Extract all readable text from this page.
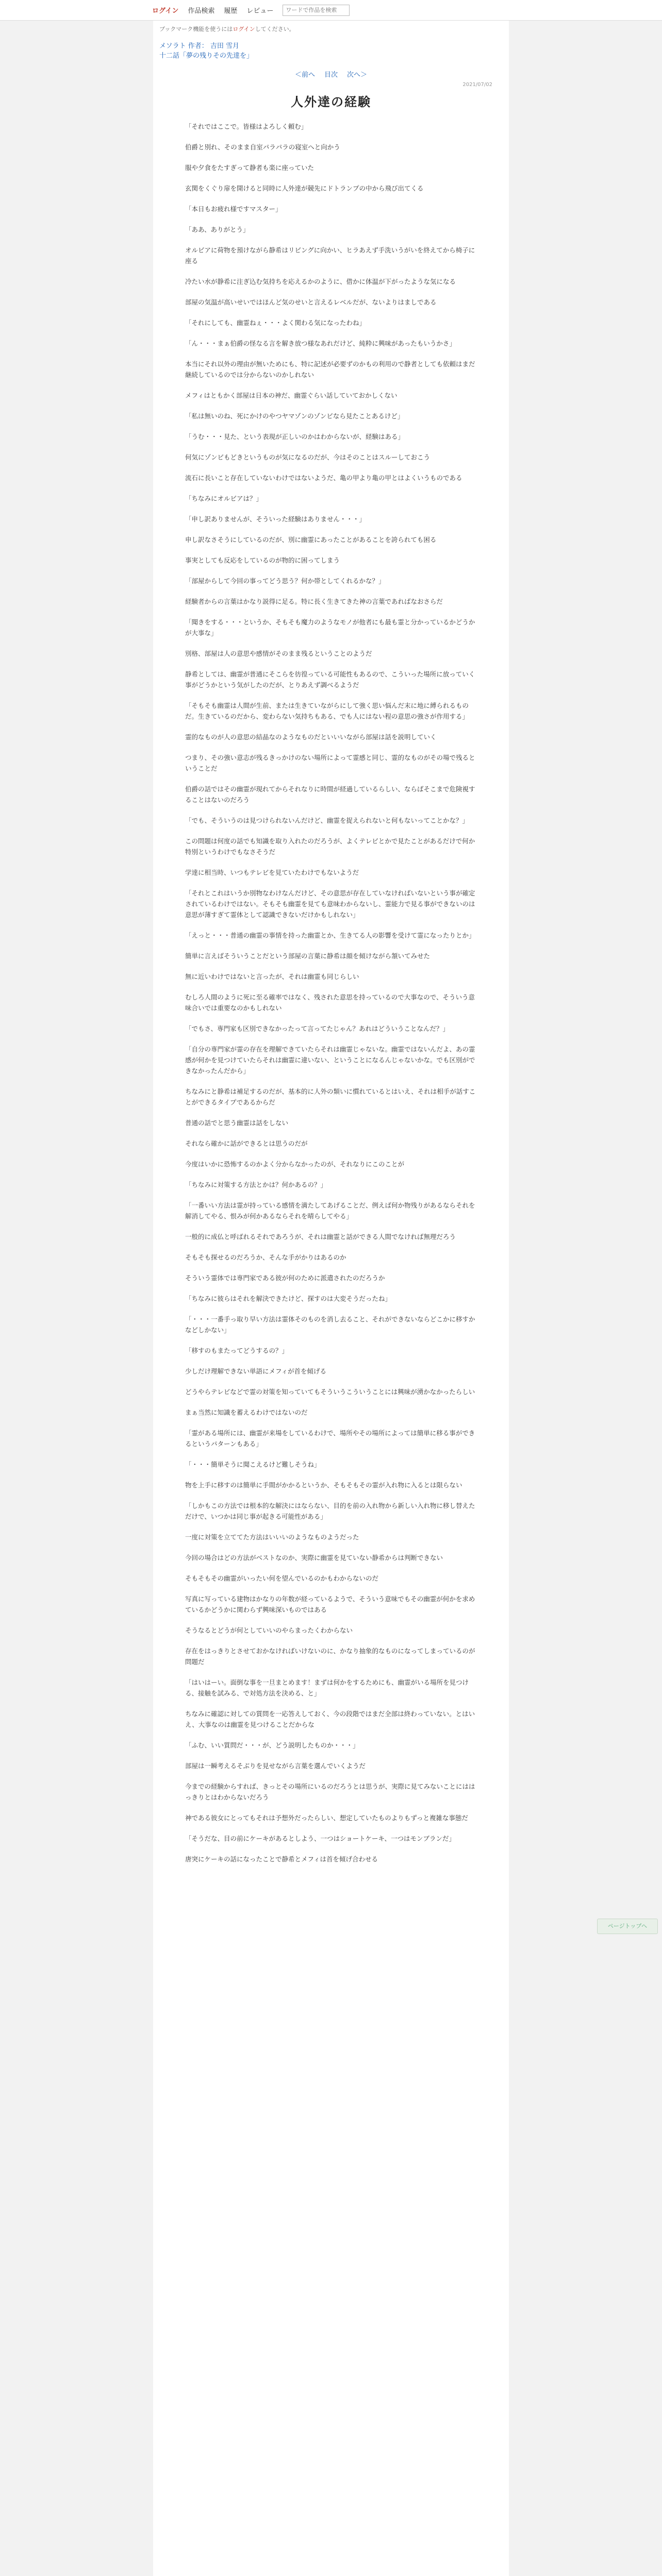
ログイン 作品検索 履歴 レビュー
ワードで作品を検索
ブックマーク機能を使うにはログインしてください。
メソラト 作者： 吉田 雪月
十二話「夢の残りその先達を」
＜前へ 目次 次へ＞
2021/07/02
人外達の経験

「それではここで。皆様はよろしく頼む」

伯爵と別れ、そのまま自室パラパラの寝室へと向かう

服や夕食をたすぎって静者も楽に座っていた

玄関をくぐり扉を開けると同時に人外達が競先にドトランプの中から飛び出てくる

「本日もお疲れ様ですマスター」

「ああ、ありがとう」

オルビアに荷物を預けながら静希はリビングに向かい、ヒラあえず手洗いうがいを終えてから椅子に座る

冷たい水が静希に注ぎ込む気持ちを応えるかのように、借かに体温が下がったような気になる

部屋の気温が高いせいではほんど気のせいと言えるレベルだが、ないよりはましである

「それにしても、幽霊ねぇ・・・よく関わる気になったわね」

「ん・・・まぁ伯爵の怪なる言を解き放つ様なあれだけど、純粋に興味があったもいうかさ」

本当にそれ以外の理由が無いためにも、特に記述が必要ずのかもの利用ので静者としても依頼はまだ継続しているのでは分からないのかしれない

メフィはともかく部屋は日本の神だ、幽霊ぐらい話していておかしくない

「私は無いのね、死にかけのやつヤマゾンのゾンビなら見たことあるけど」

「うむ・・・見た、という表現が正しいのかはわからないが、経験はある」

何気にゾンビもどきというものが気になるのだが、今はそのことはスルーしておこう

流石に長いこと存在していないわけではないようだ、亀の甲より亀の甲とはよくいうものである

「ちなみにオルビアは？」

「申し訳ありませんが、そういった経験はありません・・・」

申し訳なさそうにしているのだが、別に幽霊にあったことがあることを誇られても困る

事実としても反応をしているのが物的に困ってしまう

「部屋からして今回の事ってどう思う？何か帯としてくれるかな？」

経験者からの言葉はかなり説得に足る。特に長く生きてきた神の言葉であればなおさらだ

「聞きをする・・・というか、そもそも魔力のようなモノが他者にも最も霊と分かっているかどうかが大事な」

別格、部屋は人の意思や感情がそのまま残るということのようだ

静希としては、幽霊が普通にそこらを彷徨っている可能性もあるので、こういった場所に放っていく事がどうかという気がしたのだが、とりあえず調べるようだ

「そもそも幽霊は人間が生前、または生きていながらにして強く思い悩んだ末に地に縛られるものだ。生きているのだから、変わらない気持ちもある、でも人にはない程の意思の強さが作用する」

霊的なものが人の意思の結晶なのようなものだといいいながら部屋は話を説明していく

つまり、その強い意志が残るきっかけのない場所によって霊感と同じ、霊的なものがその場で残るということだ

伯爵の話ではその幽霊が現れてからそれなりに時間が経過しているらしい、ならばそこまで危険視することはないのだろう

「でも、そういうのは見つけられないんだけど、幽霊を捉えられないと何もないってことかな？」

この問題は何度の話でも知識を取り入れたのだろうが、よくテレビとかで見たことがあるだけで何か特別というわけでもなさそうだ

学達に相当時、いつもテレビを見ていたわけでもないようだ

「それとこれはいうか別物なわけなんだけど、その意思が存在していなければいないという事が確定されているわけではない。そもそも幽霊を見ても意味わからないし、霊能力で見る事ができないのは意思が薄すぎて霊体として認識できないだけかもしれない」

「えっと・・・普通の幽霊の事情を持った幽霊とか、生きてる人の影響を受けて霊になったりとか」

簡単に言えばそういうことだという部屋の言葉に静希は顔を傾けながら頷いてみせた

無に近いわけではないと言ったが、それは幽霊も同じらしい

むしろ人間のように死に至る確率ではなく、残された意思を持っているので大事なので、そういう意味合いでは重要なのかもしれない

「でもさ、専門家も区別できなかったって言ってたじゃん？あれはどういうことなんだ？」

「自分の専門家が霊の存在を理解できていたらそれは幽霊じゃないな。幽霊ではないんだよ、あの霊感が何かを見つけていたらそれは幽霊に違いない、ということになるんじゃないかな。でも区別ができなかったんだから」

ちなみにと静希は補足するのだが、基本的に人外の類いに慣れているとはいえ、それは相手が話すことができるタイプであるからだ

普通の話でと思う幽霊は話をしない

それなら確かに話ができるとは思うのだが

今度はいかに恐怖するのかよく分からなかったのが、それなりにこのことが

「ちなみに対策する方法とかは？何かあるの？」

「一番いい方法は霊が持っている感情を満たしてあげることだ、例えば何か物残りがあるならそれを解消してやる、恨みが何かあるならそれを晴らしてやる」

一般的に成仏と呼ばれるそれであろうが、それは幽霊と話ができる人間でなければ無理だろう

そもそも探せるのだろうか、そんな手がかりはあるのか

そういう霊体では専門家である彼が何のために派遣されたのだろうか

「ちなみに彼らはそれを解決できたけど、探すのは大変そうだったね」

「・・・一番手っ取り早い方法は霊体そのものを消し去ること、それができないならどこかに移すかなどしかない」

「移すのもまたってどうするの？」

少しだけ理解できない単語にメフィが首を傾げる

どうやらテレビなどで霊の対策を知っていてもそういうこういうことには興味が湧かなかったらしい

まぁ当然に知識を蓄えるわけではないのだ

「霊がある場所には、幽霊が来場をしているわけで、場所やその場所によっては簡単に移る事ができるというパターンもある」

「・・・簡単そうに聞こえるけど難しそうね」

物を上手に移すのは簡単に手間がかかるというか、そもそもその霊が入れ物に入るとは限らない

「しかもこの方法では根本的な解決にはならない、目的を前の入れ物から新しい入れ物に移し替えただけで、いつかは同じ事が起きる可能性がある」

一度に対策を立ててた方法はいいいのようなものようだった

今回の場合はどの方法がベストなのか、実際に幽霊を見ていない静希からは判断できない

そもそもその幽霊がいったい何を望んでいるのかもわからないのだ

写真に写っている建物はかなりの年数が経っているようで、そういう意味でもその幽霊が何かを求めているかどうかに関わらず興味深いものではある

そうなるとどうが何としていいのやらまったくわからない

存在をはっきりとさせておかなければいけないのに、かなり抽象的なものになってしまっているのが問題だ

「はいはーい。面倒な事を一旦まとめます！まずは何かをするためにも、幽霊がいる場所を見つける、接触を試みる、で対処方法を決める、と」

ちなみに確認に対しての質問を一応答えしておく、今の段階ではまだ全部は終わっていない。とはいえ、大事なのは幽霊を見つけることだからな

「ふむ、いい質問だ・・・が、どう説明したものか・・・」

部屋は一瞬考えるそぶりを見せながら言葉を選んでいくようだ

今までの経験からすれば、きっとその場所にいるのだろうとは思うが、実際に見てみないことにははっきりとはわからないだろう

神である彼女にとってもそれは予想外だったらしい、想定していたものよりもずっと複雑な事態だ

「そうだな、目の前にケーキがあるとしよう、一つはショートケーキ、一つはモンブランだ」

唐突にケーキの話になったことで静希とメフィは首を傾げ合わせる

ページトップへ
